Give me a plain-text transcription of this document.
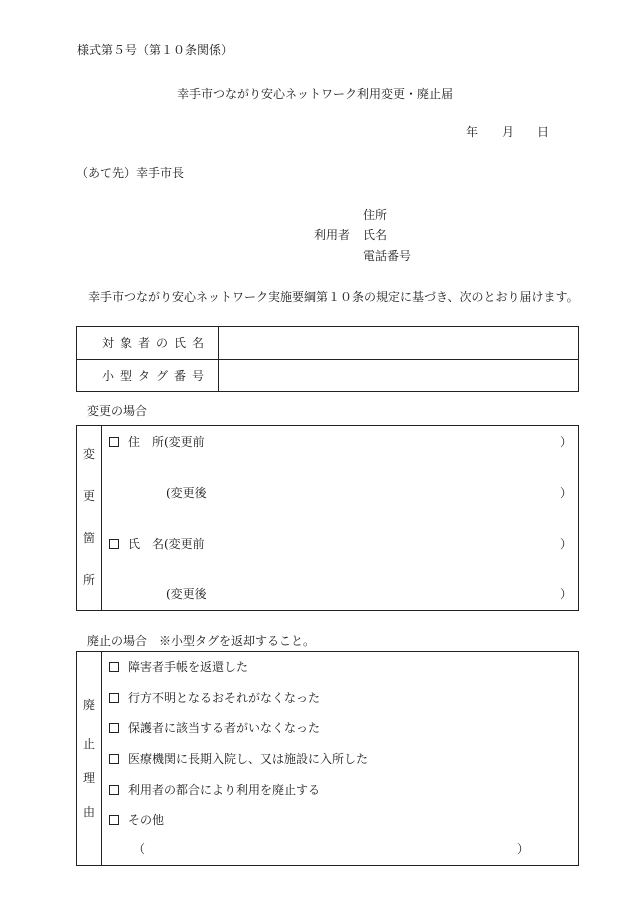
様式第５号（第１０条関係）
幸手市つながり安心ネットワーク利用変更・廃止届
年 月 日
（あて先）幸手市長
住所
利用者 氏名
電話番号
幸手市つながり安心ネットワーク実施要綱第１０条の規定に基づき、次のとおり届けます。
対象者の氏名
小型タグ番号
変更の場合
変
更
箇
所
住　所(変更前	）
(変更後	）
氏　名(変更前	）
(変更後	）
廃止の場合　※小型タグを返却すること。
廃
止
理
由
障害者手帳を返還した
行方不明となるおそれがなくなった
保護者に該当する者がいなくなった
医療機関に長期入院し、又は施設に入所した
利用者の都合により利用を廃止する
その他
（	）
